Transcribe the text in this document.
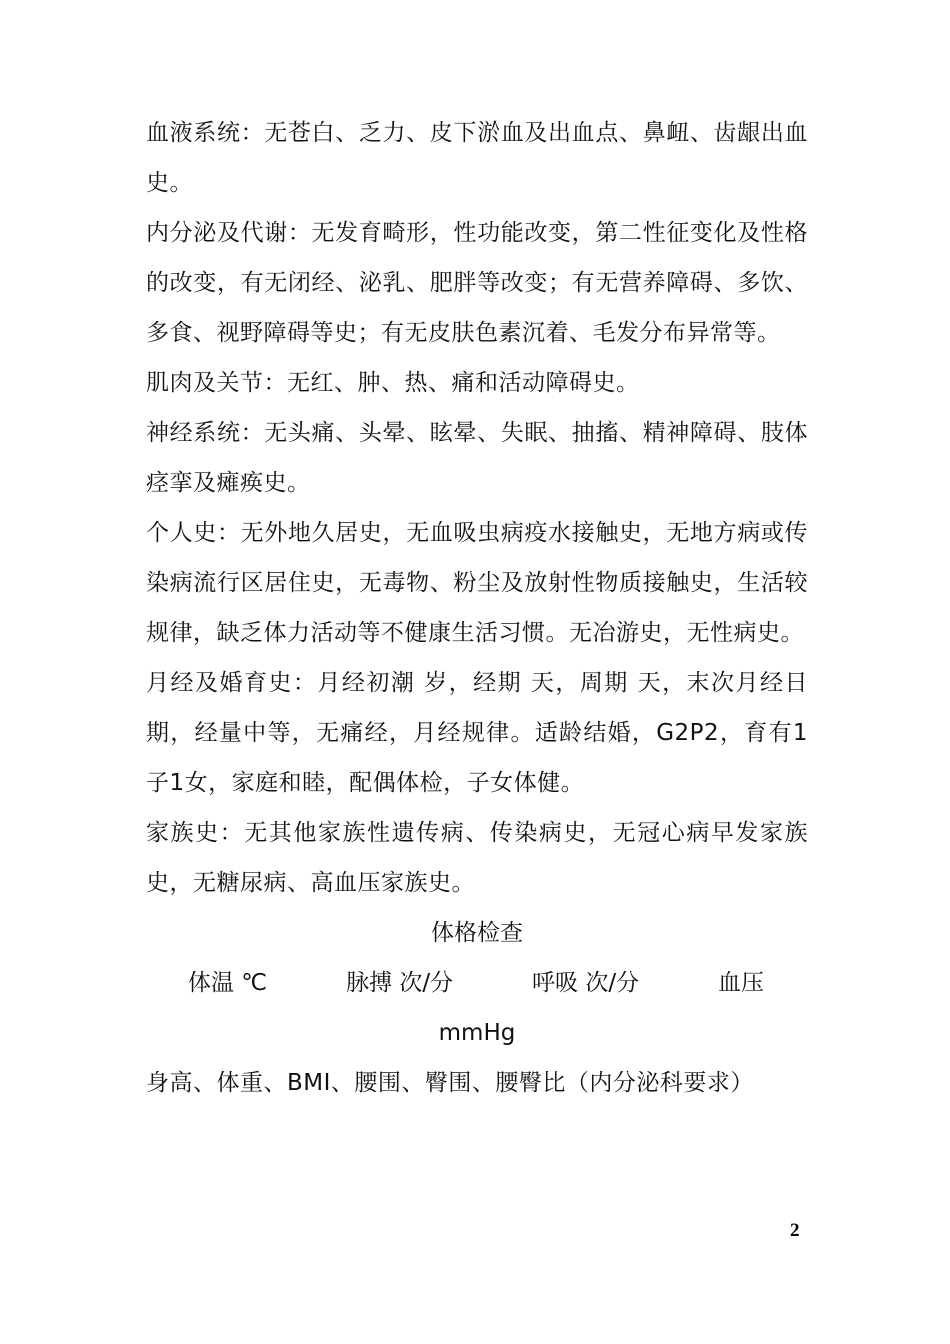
血液系统：无苍白、乏力、皮下淤血及出血点、鼻衄、齿龈出血史。

内分泌及代谢：无发育畸形，性功能改变，第二性征变化及性格的改变，有无闭经、泌乳、肥胖等改变；有无营养障碍、多饮、多食、视野障碍等史；有无皮肤色素沉着、毛发分布异常等。

肌肉及关节：无红、肿、热、痛和活动障碍史。

神经系统：无头痛、头晕、眩晕、失眠、抽搐、精神障碍、肢体痉挛及瘫痪史。

个人史：无外地久居史，无血吸虫病疫水接触史，无地方病或传染病流行区居住史，无毒物、粉尘及放射性物质接触史，生活较规律，缺乏体力活动等不健康生活习惯。无冶游史，无性病史。

月经及婚育史：月经初潮 岁，经期 天，周期 天，末次月经日期，经量中等，无痛经，月经规律。适龄结婚，G2P2，育有1子1女，家庭和睦，配偶体检，子女体健。

家族史：无其他家族性遗传病、传染病史，无冠心病早发家族史，无糖尿病、高血压家族史。

体格检查

体温 ℃	脉搏 次/分	呼吸 次/分	血压

mmHg

身高、体重、BMI、腰围、臀围、腰臀比（内分泌科要求）

2
